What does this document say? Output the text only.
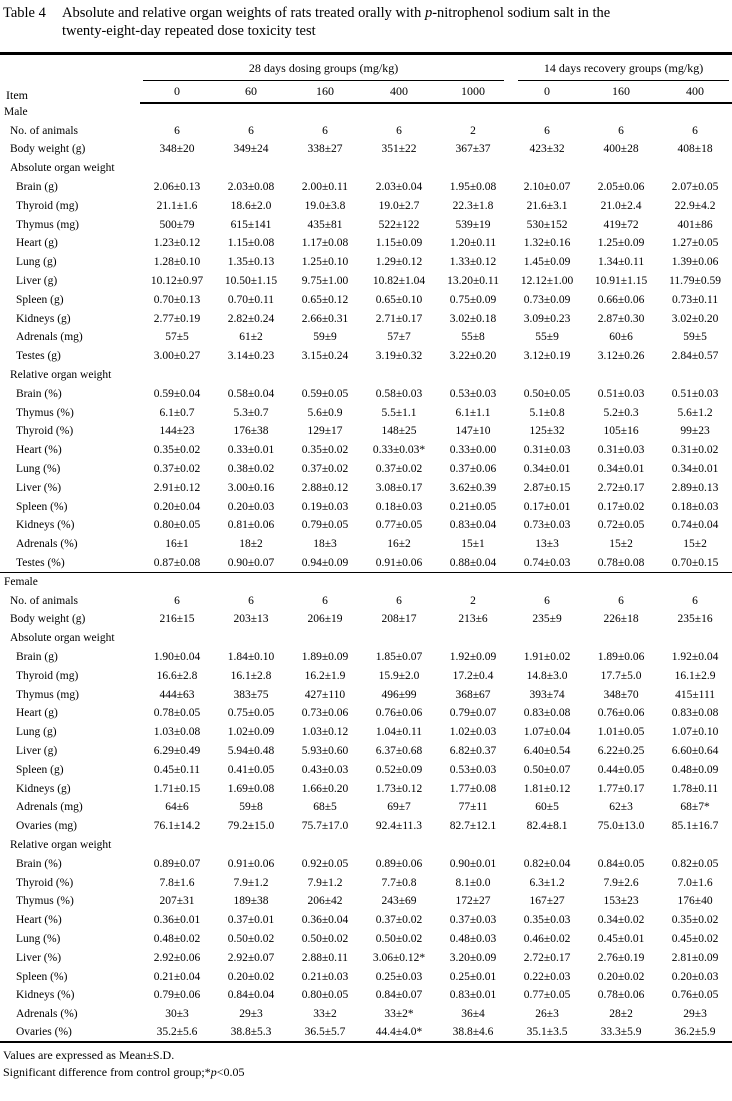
Table 4	Absolute and relative organ weights of rats treated orally with p-nitrophenol sodium salt in the
twenty-eight-day repeated dose toxicity test
Item	28 days dosing groups (mg/kg)					14 days recovery groups (mg/kg)		

	0	60	160	400	1000	0	160	400
Male								
No. of animals	6	6	6	6	2	6	6	6
Body weight (g)	348±20	349±24	338±27	351±22	367±37	423±32	400±28	408±18
Absolute organ weight								
Brain (g)	2.06±0.13	2.03±0.08	2.00±0.11	2.03±0.04	1.95±0.08	2.10±0.07	2.05±0.06	2.07±0.05
Thyroid (mg)	21.1±1.6	18.6±2.0	19.0±3.8	19.0±2.7	22.3±1.8	21.6±3.1	21.0±2.4	22.9±4.2
Thymus (mg)	500±79	615±141	435±81	522±122	539±19	530±152	419±72	401±86
Heart (g)	1.23±0.12	1.15±0.08	1.17±0.08	1.15±0.09	1.20±0.11	1.32±0.16	1.25±0.09	1.27±0.05
Lung (g)	1.28±0.10	1.35±0.13	1.25±0.10	1.29±0.12	1.33±0.12	1.45±0.09	1.34±0.11	1.39±0.06
Liver (g)	10.12±0.97	10.50±1.15	9.75±1.00	10.82±1.04	13.20±0.11	12.12±1.00	10.91±1.15	11.79±0.59
Spleen (g)	0.70±0.13	0.70±0.11	0.65±0.12	0.65±0.10	0.75±0.09	0.73±0.09	0.66±0.06	0.73±0.11
Kidneys (g)	2.77±0.19	2.82±0.24	2.66±0.31	2.71±0.17	3.02±0.18	3.09±0.23	2.87±0.30	3.02±0.20
Adrenals (mg)	57±5	61±2	59±9	57±7	55±8	55±9	60±6	59±5
Testes (g)	3.00±0.27	3.14±0.23	3.15±0.24	3.19±0.32	3.22±0.20	3.12±0.19	3.12±0.26	2.84±0.57
Relative organ weight								
Brain (%)	0.59±0.04	0.58±0.04	0.59±0.05	0.58±0.03	0.53±0.03	0.50±0.05	0.51±0.03	0.51±0.03
Thymus (%)	6.1±0.7	5.3±0.7	5.6±0.9	5.5±1.1	6.1±1.1	5.1±0.8	5.2±0.3	5.6±1.2
Thyroid (%)	144±23	176±38	129±17	148±25	147±10	125±32	105±16	99±23
Heart (%)	0.35±0.02	0.33±0.01	0.35±0.02	0.33±0.03*	0.33±0.00	0.31±0.03	0.31±0.03	0.31±0.02
Lung (%)	0.37±0.02	0.38±0.02	0.37±0.02	0.37±0.02	0.37±0.06	0.34±0.01	0.34±0.01	0.34±0.01
Liver (%)	2.91±0.12	3.00±0.16	2.88±0.12	3.08±0.17	3.62±0.39	2.87±0.15	2.72±0.17	2.89±0.13
Spleen (%)	0.20±0.04	0.20±0.03	0.19±0.03	0.18±0.03	0.21±0.05	0.17±0.01	0.17±0.02	0.18±0.03
Kidneys (%)	0.80±0.05	0.81±0.06	0.79±0.05	0.77±0.05	0.83±0.04	0.73±0.03	0.72±0.05	0.74±0.04
Adrenals (%)	16±1	18±2	18±3	16±2	15±1	13±3	15±2	15±2
Testes (%)	0.87±0.08	0.90±0.07	0.94±0.09	0.91±0.06	0.88±0.04	0.74±0.03	0.78±0.08	0.70±0.15
Female								
No. of animals	6	6	6	6	2	6	6	6
Body weight (g)	216±15	203±13	206±19	208±17	213±6	235±9	226±18	235±16
Absolute organ weight								
Brain (g)	1.90±0.04	1.84±0.10	1.89±0.09	1.85±0.07	1.92±0.09	1.91±0.02	1.89±0.06	1.92±0.04
Thyroid (mg)	16.6±2.8	16.1±2.8	16.2±1.9	15.9±2.0	17.2±0.4	14.8±3.0	17.7±5.0	16.1±2.9
Thymus (mg)	444±63	383±75	427±110	496±99	368±67	393±74	348±70	415±111
Heart (g)	0.78±0.05	0.75±0.05	0.73±0.06	0.76±0.06	0.79±0.07	0.83±0.08	0.76±0.06	0.83±0.08
Lung (g)	1.03±0.08	1.02±0.09	1.03±0.12	1.04±0.11	1.02±0.03	1.07±0.04	1.01±0.05	1.07±0.10
Liver (g)	6.29±0.49	5.94±0.48	5.93±0.60	6.37±0.68	6.82±0.37	6.40±0.54	6.22±0.25	6.60±0.64
Spleen (g)	0.45±0.11	0.41±0.05	0.43±0.03	0.52±0.09	0.53±0.03	0.50±0.07	0.44±0.05	0.48±0.09
Kidneys (g)	1.71±0.15	1.69±0.08	1.66±0.20	1.73±0.12	1.77±0.08	1.81±0.12	1.77±0.17	1.78±0.11
Adrenals (mg)	64±6	59±8	68±5	69±7	77±11	60±5	62±3	68±7*
Ovaries (mg)	76.1±14.2	79.2±15.0	75.7±17.0	92.4±11.3	82.7±12.1	82.4±8.1	75.0±13.0	85.1±16.7
Relative organ weight								
Brain (%)	0.89±0.07	0.91±0.06	0.92±0.05	0.89±0.06	0.90±0.01	0.82±0.04	0.84±0.05	0.82±0.05
Thyroid (%)	7.8±1.6	7.9±1.2	7.9±1.2	7.7±0.8	8.1±0.0	6.3±1.2	7.9±2.6	7.0±1.6
Thymus (%)	207±31	189±38	206±42	243±69	172±27	167±27	153±23	176±40
Heart (%)	0.36±0.01	0.37±0.01	0.36±0.04	0.37±0.02	0.37±0.03	0.35±0.03	0.34±0.02	0.35±0.02
Lung (%)	0.48±0.02	0.50±0.02	0.50±0.02	0.50±0.02	0.48±0.03	0.46±0.02	0.45±0.01	0.45±0.02
Liver (%)	2.92±0.06	2.92±0.07	2.88±0.11	3.06±0.12*	3.20±0.09	2.72±0.17	2.76±0.19	2.81±0.09
Spleen (%)	0.21±0.04	0.20±0.02	0.21±0.03	0.25±0.03	0.25±0.01	0.22±0.03	0.20±0.02	0.20±0.03
Kidneys (%)	0.79±0.06	0.84±0.04	0.80±0.05	0.84±0.07	0.83±0.01	0.77±0.05	0.78±0.06	0.76±0.05
Adrenals (%)	30±3	29±3	33±2	33±2*	36±4	26±3	28±2	29±3
Ovaries (%)	35.2±5.6	38.8±5.3	36.5±5.7	44.4±4.0*	38.8±4.6	35.1±3.5	33.3±5.9	36.2±5.9
Values are expressed as Mean±S.D.
Significant difference from control group;*p<0.05
